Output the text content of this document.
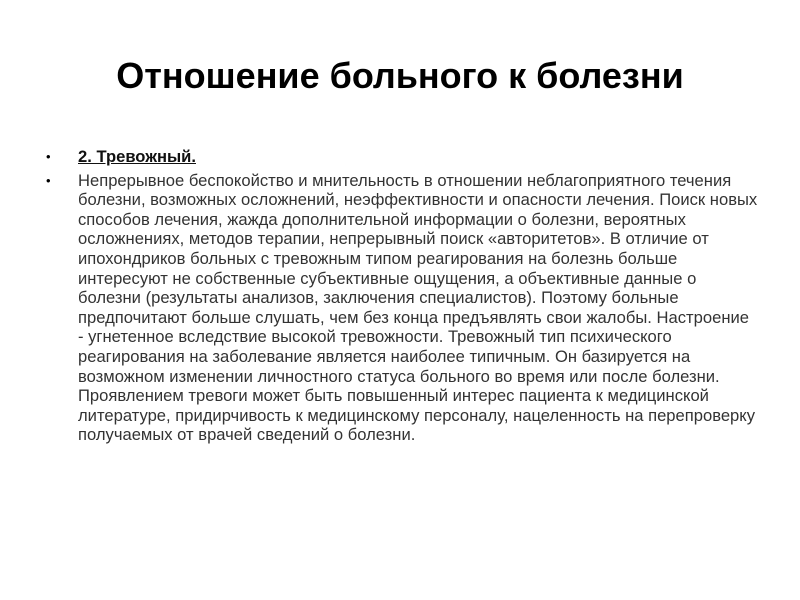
Отношение больного к болезни
•	2. Тревожный.
•	Непрерывное беспокойство и мнительность в отношении неблагоприятного течения болезни, возможных осложнений, неэффективности и опасности лечения. Поиск новых способов лечения, жажда дополнительной информации о болезни, вероятных осложнениях, методов терапии, непрерывный поиск «авторитетов». В отличие от ипохондриков больных с тревожным типом реагирования на болезнь больше интересуют не собственные субъективные ощущения, а объективные данные о болезни (результаты анализов, заключения специалистов). Поэтому больные предпочитают больше слушать, чем без конца предъявлять свои жалобы. Настроение - угнетенное вследствие высокой тревожности. Тревожный тип психического реагирования на заболевание является наиболее типичным. Он базируется на возможном изменении личностного статуса больного во время или после болезни. Проявлением тревоги может быть повышенный интерес пациента к медицинской литературе, придирчивость к медицинскому персоналу, нацеленность на перепроверку получаемых от врачей сведений о болезни.
